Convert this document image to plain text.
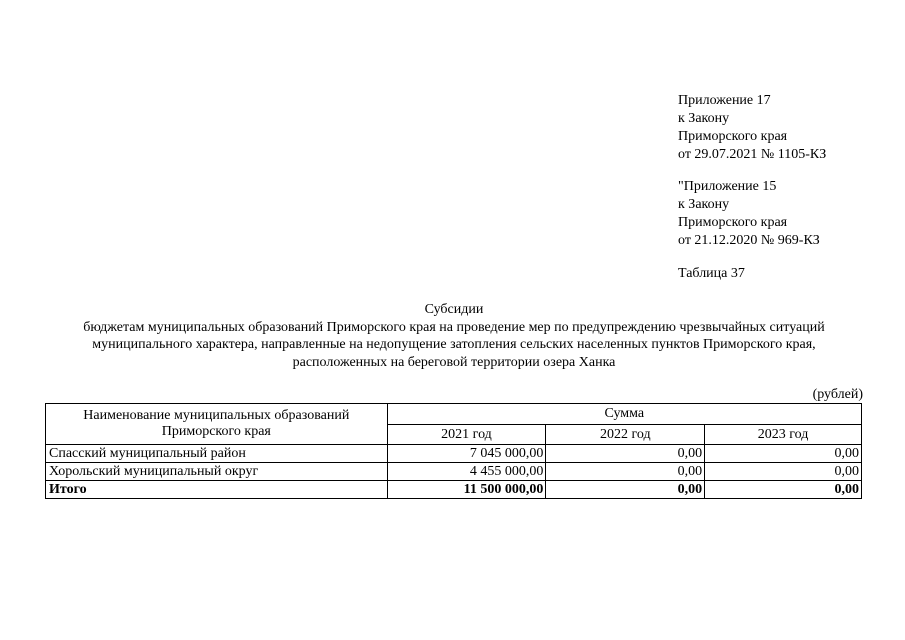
Приложение 17

к Закону

Приморского края

от 29.07.2021 № 1105-КЗ

"Приложение 15

к Закону

Приморского края

от 21.12.2020 № 969-КЗ

Таблица 37

Субсидии

бюджетам муниципальных образований Приморского края на проведение мер по предупреждению чрезвычайных ситуаций

муниципального характера, направленные на недопущение затопления сельских населенных пунктов Приморского края,

расположенных на береговой территории озера Ханка

(рублей)
Наименование муниципальных образований Приморского края	Сумма		
	2021 год	2022 год	2023 год
Спасский муниципальный район	7 045 000,00	0,00	0,00
Хорольский муниципальный округ	4 455 000,00	0,00	0,00
Итого	11 500 000,00	0,00	0,00
